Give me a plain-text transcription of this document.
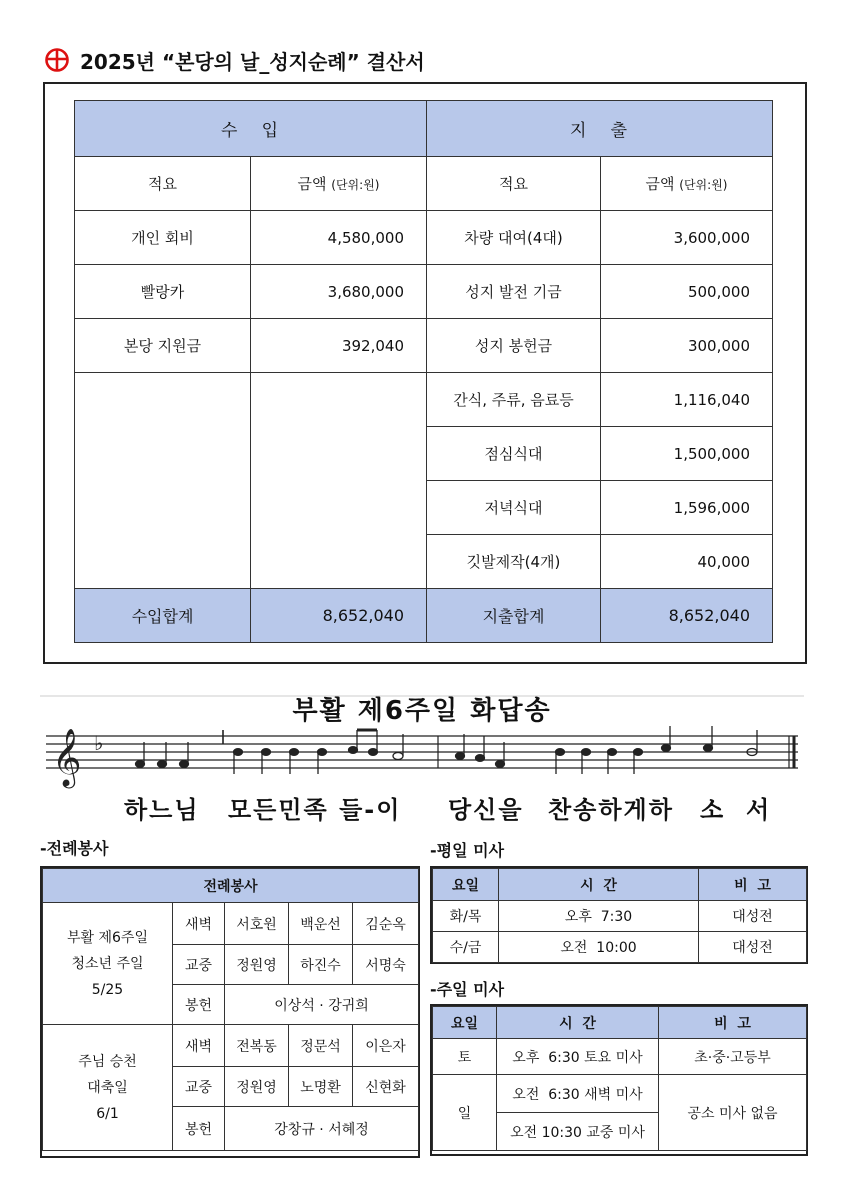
2025년 “본당의 날_성지순례” 결산서
수   입		지   출	
적요	금액 (단위:원)	적요	금액 (단위:원)
개인 회비	4,580,000	차량 대여(4대)	3,600,000
빨랑카	3,680,000	성지 발전 기금	500,000
본당 지원금	392,040	성지 봉헌금	300,000
		간식, 주류, 음료등	1,116,040
		점심식대	1,500,000
		저녁식대	1,596,000
		깃발제작(4개)	40,000
수입합계	8,652,040	지출합계	8,652,040
부활 제6주일 화답송
𝄞 ♭
하느님 모든민족 들-이 당신을 찬송하게하 소 서
-전례봉사
전례봉사				

부활 제6주일
청소년 주일
5/25	새벽	서호원	백운선	김순옥
	교중	정원영	하진수	서명숙
	봉헌	이상석 · 강귀희		

주님 승천
대축일
6/1	새벽	전복동	정문석	이은자
	교중	정원영	노명환	신현화
	봉헌	강창규 · 서혜정		
-평일 미사
요일	시  간	비  고
화/목	오후  7:30	대성전
수/금	오전  10:00	대성전
-주일 미사
요일	시  간	비  고
토	오후  6:30 토요 미사	초·중·고등부
일	오전  6:30 새벽 미사	공소 미사 없음
	오전 10:30 교중 미사	
